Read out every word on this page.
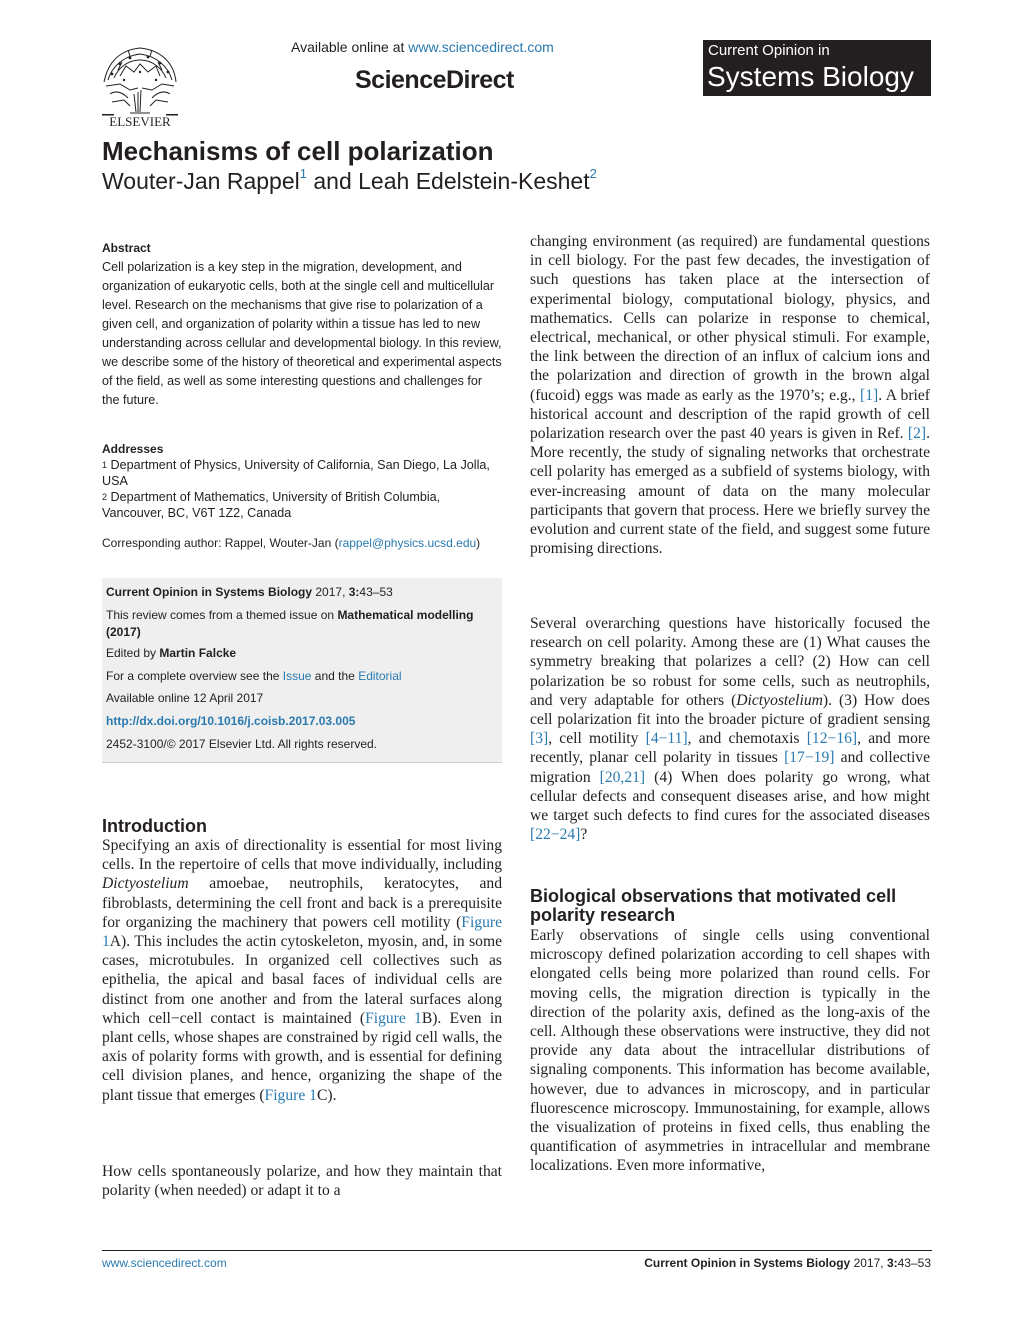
ELSEVIER
Available online at www.sciencedirect.com
ScienceDirect
Current Opinion in
Systems Biology
Mechanisms of cell polarization
Wouter-Jan Rappel$^1$ and Leah Edelstein-Keshet$^2$
Abstract

Cell polarization is a key step in the migration, development, and organization of eukaryotic cells, both at the single cell and multicellular level. Research on the mechanisms that give rise to polarization of a given cell, and organization of polarity within a tissue has led to new understanding across cellular and developmental biology. In this review, we describe some of the history of theoretical and experimental aspects of the field, as well as some interesting questions and challenges for the future.

Addresses

$^1$ Department of Physics, University of California, San Diego, La Jolla, USA

$^2$ Department of Mathematics, University of British Columbia, Vancouver, BC, V6T 1Z2, Canada

Corresponding author: Rappel, Wouter-Jan (rappel@physics.ucsd.edu)
Current Opinion in Systems Biology 2017, 3:43–53
This review comes from a themed issue on Mathematical modelling (2017)
Edited by Martin Falcke
For a complete overview see the Issue and the Editorial
Available online 12 April 2017
http://dx.doi.org/10.1016/j.coisb.2017.03.005
2452-3100/© 2017 Elsevier Ltd. All rights reserved.
Introduction

Specifying an axis of directionality is essential for most living cells. In the repertoire of cells that move individually, including Dictyostelium amoebae, neutrophils, keratocytes, and fibroblasts, determining the cell front and back is a prerequisite for organizing the machinery that powers cell motility (Figure 1A). This includes the actin cytoskeleton, myosin, and, in some cases, microtubules. In organized cell collectives such as epithelia, the apical and basal faces of individual cells are distinct from one another and from the lateral surfaces along which cell−cell contact is maintained (Figure 1B). Even in plant cells, whose shapes are constrained by rigid cell walls, the axis of polarity forms with growth, and is essential for defining cell division planes, and hence, organizing the shape of the plant tissue that emerges (Figure 1C).

How cells spontaneously polarize, and how they maintain that polarity (when needed) or adapt it to a

changing environment (as required) are fundamental questions in cell biology. For the past few decades, the investigation of such questions has taken place at the intersection of experimental biology, computational biology, physics, and mathematics. Cells can polarize in response to chemical, electrical, mechanical, or other physical stimuli. For example, the link between the direction of an influx of calcium ions and the polarization and direction of growth in the brown algal (fucoid) eggs was made as early as the 1970’s; e.g., [1]. A brief historical account and description of the rapid growth of cell polarization research over the past 40 years is given in Ref. [2]. More recently, the study of signaling networks that orchestrate cell polarity has emerged as a subfield of systems biology, with ever-increasing amount of data on the many molecular participants that govern that process. Here we briefly survey the evolution and current state of the field, and suggest some future promising directions.

Several overarching questions have historically focused the research on cell polarity. Among these are (1) What causes the symmetry breaking that polarizes a cell? (2) How can cell polarization be so robust for some cells, such as neutrophils, and very adaptable for others (Dictyostelium). (3) How does cell polarization fit into the broader picture of gradient sensing [3], cell motility [4−11], and chemotaxis [12−16], and more recently, planar cell polarity in tissues [17−19] and collective migration [20,21] (4) When does polarity go wrong, what cellular defects and consequent diseases arise, and how might we target such defects to find cures for the associated diseases [22−24]?

Biological observations that motivated cell polarity research
Early observations of single cells using conventional microscopy defined polarization according to cell shapes with elongated cells being more polarized than round cells. For moving cells, the migration direction is typically in the direction of the polarity axis, defined as the long-axis of the cell. Although these observations were instructive, they did not provide any data about the intracellular distributions of signaling components. This information has become available, however, due to advances in microscopy, and in particular fluorescence microscopy. Immunostaining, for example, allows the visualization of proteins in fixed cells, thus enabling the quantification of asymmetries in intracellular and membrane localizations. Even more informative,
www.sciencedirect.com	Current Opinion in Systems Biology 2017, 3:43–53
